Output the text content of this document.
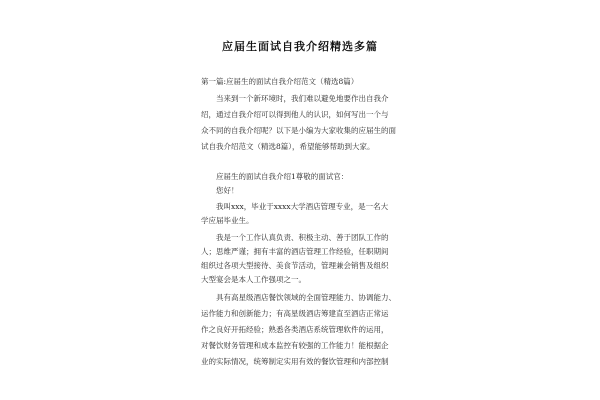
应届生面试自我介绍精选多篇
第一篇:应届生的面试自我介绍范文（精选8篇）
当来到一个新环境时，我们难以避免地要作出自我介
绍，通过自我介绍可以得到他人的认识，如何写出一个与
众不同的自我介绍呢？以下是小编为大家收集的应届生的面
试自我介绍范文（精选8篇），希望能够帮助到大家。
应届生的面试自我介绍1尊敬的面试官：
您好！
我叫xxx，毕业于xxxx大学酒店管理专业，是一名大
学应届毕业生。
我是一个工作认真负责、积极主动、善于团队工作的
人；思维严谨；拥有丰富的酒店管理工作经验，任职期间
组织过各项大型接待、美食节活动，管理兼会销售及组织
大型宴会是本人工作强项之一。
具有高星级酒店餐饮领域的全面管理能力、协调能力、
运作能力和创新能力；有高星级酒店筹建直至酒店正常运
作之良好开拓经验；熟悉各类酒店系统管理软件的运用，
对餐饮财务管理和成本监控有较强的工作能力！能根据企
业的实际情况，统筹制定实用有效的餐饮管理和内部控制
